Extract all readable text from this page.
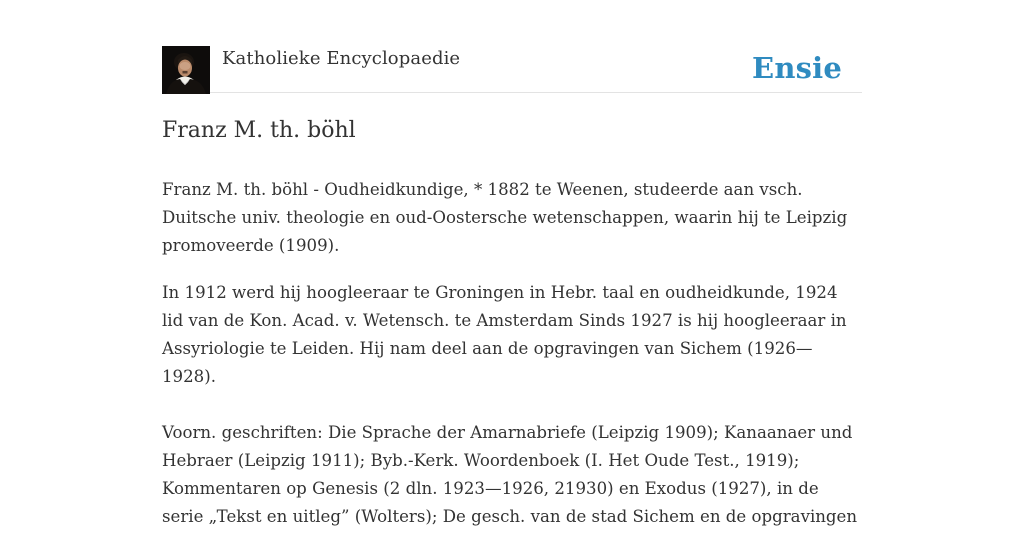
Katholieke Encyclopaedie	Ensie
Franz M. th. böhl

Franz M. th. böhl - Oudheidkundige, * 1882 te Weenen, studeerde aan vsch. Duitsche univ. theologie en oud-Oostersche wetenschappen, waarin hij te Leipzig promoveerde (1909).

In 1912 werd hij hoogleeraar te Groningen in Hebr. taal en oudheidkunde, 1924 lid van de Kon. Acad. v. Wetensch. te Amsterdam Sinds 1927 is hij hoogleeraar in Assyriologie te Leiden. Hij nam deel aan de opgravingen van Sichem (1926—1928).

Voorn. geschriften: Die Sprache der Amarnabriefe (Leipzig 1909); Kanaanaer und Hebraer (Leipzig 1911); Byb.-Kerk. Woordenboek (I. Het Oude Test., 1919); Kommentaren op Genesis (2 dln. 1923—1926, 21930) en Exodus (1927), in de serie „Tekst en uitleg” (Wolters); De gesch. van de stad Sichem en de opgravingen
